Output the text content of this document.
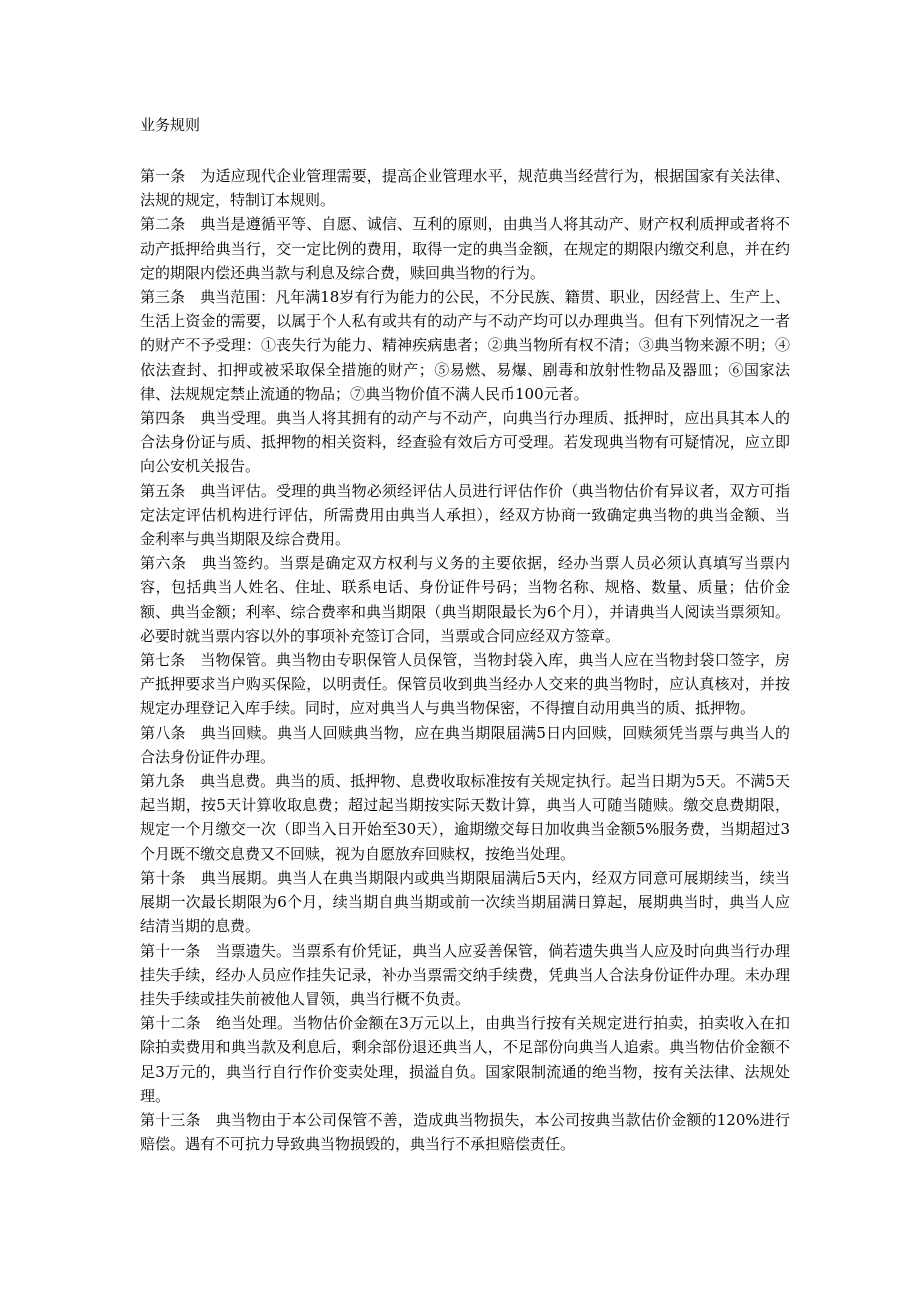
业务规则

第一条 为适应现代企业管理需要，提高企业管理水平，规范典当经营行为，根据国家有关法律、法规的规定，特制订本规则。

第二条 典当是遵循平等、自愿、诚信、互利的原则，由典当人将其动产、财产权利质押或者将不动产抵押给典当行，交一定比例的费用，取得一定的典当金额，在规定的期限内缴交利息，并在约定的期限内偿还典当款与利息及综合费，赎回典当物的行为。

第三条 典当范围：凡年满18岁有行为能力的公民，不分民族、籍贯、职业，因经营上、生产上、生活上资金的需要，以属于个人私有或共有的动产与不动产均可以办理典当。但有下列情况之一者的财产不予受理：①丧失行为能力、精神疾病患者；②典当物所有权不清；③典当物来源不明；④依法查封、扣押或被采取保全措施的财产；⑤易燃、易爆、剧毒和放射性物品及器皿；⑥国家法律、法规规定禁止流通的物品；⑦典当物价值不满人民币100元者。

第四条 典当受理。典当人将其拥有的动产与不动产，向典当行办理质、抵押时，应出具其本人的合法身份证与质、抵押物的相关资料，经查验有效后方可受理。若发现典当物有可疑情况，应立即向公安机关报告。

第五条 典当评估。受理的典当物必须经评估人员进行评估作价（典当物估价有异议者，双方可指定法定评估机构进行评估，所需费用由典当人承担），经双方协商一致确定典当物的典当金额、当金利率与典当期限及综合费用。

第六条 典当签约。当票是确定双方权利与义务的主要依据，经办当票人员必须认真填写当票内容，包括典当人姓名、住址、联系电话、身份证件号码；当物名称、规格、数量、质量；估价金额、典当金额；利率、综合费率和典当期限（典当期限最长为6个月），并请典当人阅读当票须知。必要时就当票内容以外的事项补充签订合同，当票或合同应经双方签章。

第七条 当物保管。典当物由专职保管人员保管，当物封袋入库，典当人应在当物封袋口签字，房产抵押要求当户购买保险，以明责任。保管员收到典当经办人交来的典当物时，应认真核对，并按规定办理登记入库手续。同时，应对典当人与典当物保密，不得擅自动用典当的质、抵押物。

第八条 典当回赎。典当人回赎典当物，应在典当期限届满5日内回赎，回赎须凭当票与典当人的合法身份证件办理。

第九条 典当息费。典当的质、抵押物、息费收取标准按有关规定执行。起当日期为5天。不满5天起当期，按5天计算收取息费；超过起当期按实际天数计算，典当人可随当随赎。缴交息费期限，规定一个月缴交一次（即当入日开始至30天），逾期缴交每日加收典当金额5%服务费，当期超过3个月既不缴交息费又不回赎，视为自愿放弃回赎权，按绝当处理。

第十条 典当展期。典当人在典当期限内或典当期限届满后5天内，经双方同意可展期续当，续当展期一次最长期限为6个月，续当期自典当期或前一次续当期届满日算起，展期典当时，典当人应结清当期的息费。

第十一条 当票遗失。当票系有价凭证，典当人应妥善保管，倘若遗失典当人应及时向典当行办理挂失手续，经办人员应作挂失记录，补办当票需交纳手续费，凭典当人合法身份证件办理。未办理挂失手续或挂失前被他人冒领，典当行概不负责。

第十二条 绝当处理。当物估价金额在3万元以上，由典当行按有关规定进行拍卖，拍卖收入在扣除拍卖费用和典当款及利息后，剩余部份退还典当人，不足部份向典当人追索。典当物估价金额不足3万元的，典当行自行作价变卖处理，损溢自负。国家限制流通的绝当物，按有关法律、法规处理。

第十三条 典当物由于本公司保管不善，造成典当物损失，本公司按典当款估价金额的120%进行赔偿。遇有不可抗力导致典当物损毁的，典当行不承担赔偿责任。
